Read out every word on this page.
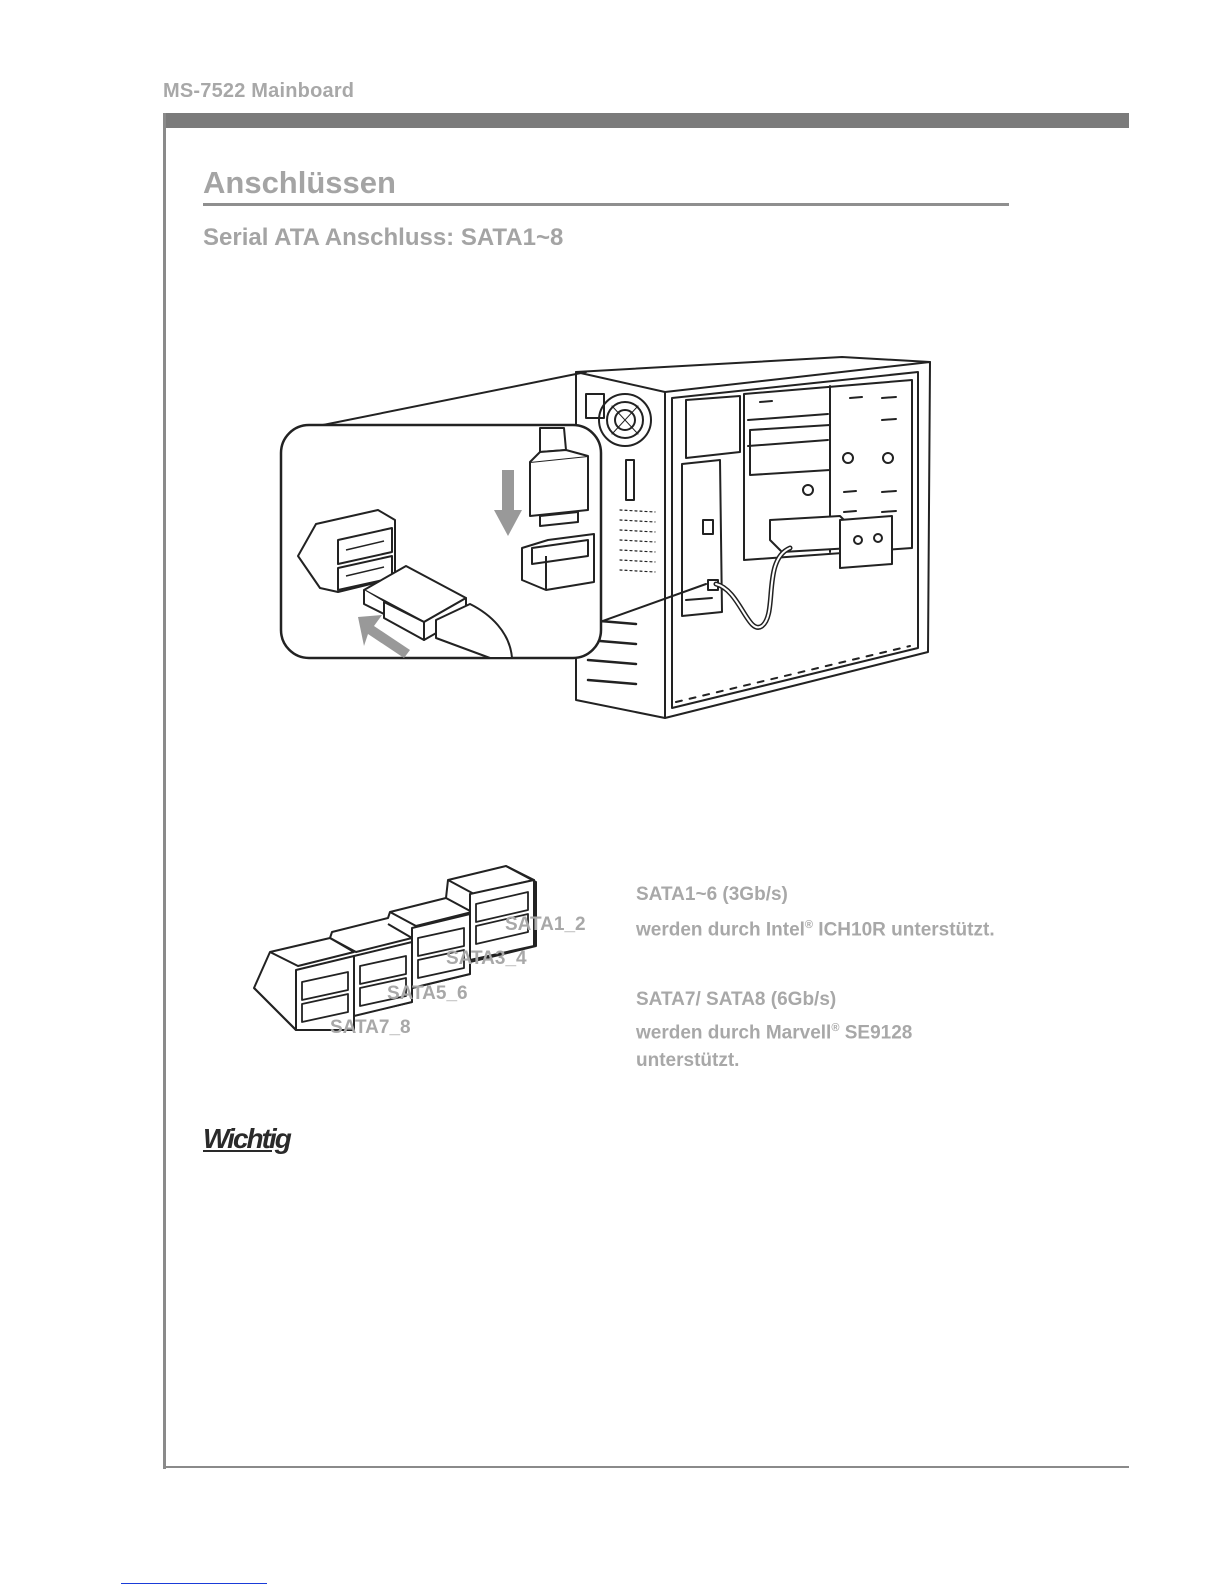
MS-7522 Mainboard
Anschlüssen
Serial ATA Anschluss: SATA1~8
SATA1_2
SATA3_4
SATA5_6
SATA7_8
SATA1~6 (3Gb/s)
werden durch Intel® ICH10R unterstützt.
SATA7/ SATA8 (6Gb/s)
werden durch Marvell® SE9128
unterstützt.
Wichtig
